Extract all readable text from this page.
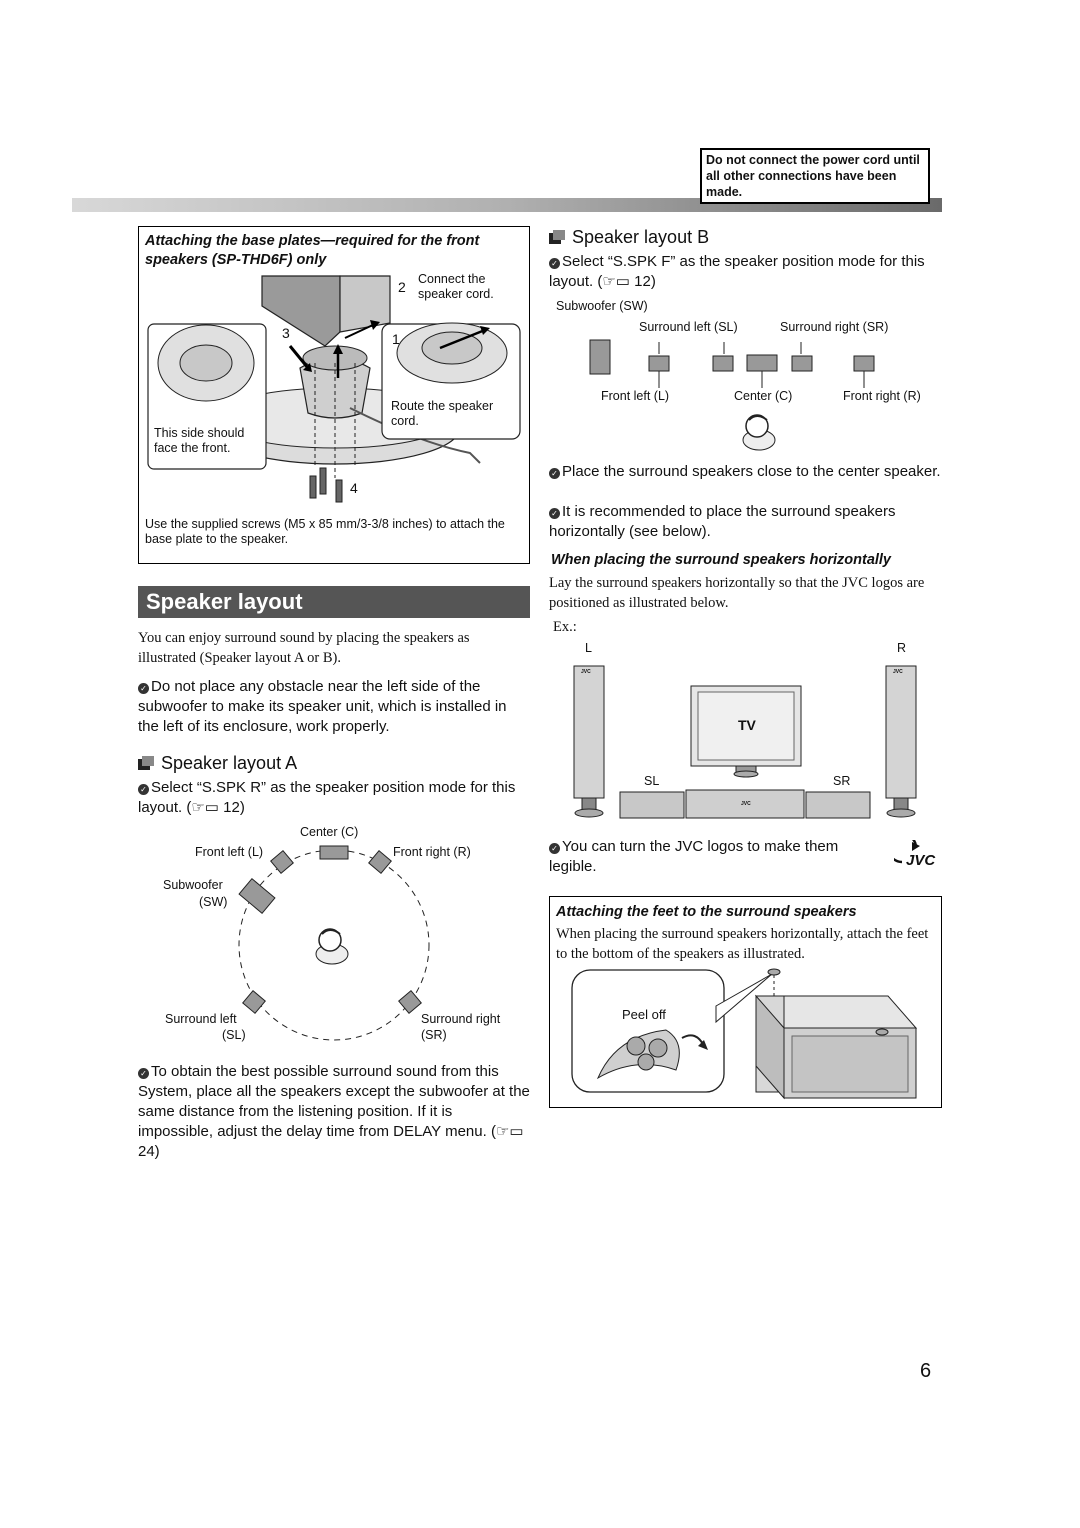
Do not connect the power cord until all other connections have been made.
Attaching the base plates—required for the front speakers (SP-THD6F) only
2 Connect the speaker cord.
3	1
4
Route the speaker cord.
This side should face the front.
Use the supplied screws (M5 x 85 mm/3-3/8 inches) to attach the base plate to the speaker.
Speaker layout
You can enjoy surround sound by placing the speakers as illustrated (Speaker layout A or B).
✓ Do not place any obstacle near the left side of the subwoofer to make its speaker unit, which is installed in the left of its enclosure, work properly.
Speaker layout A
✓ Select “S.SPK R” as the speaker position mode for this layout. (☞▭ 12)
Center (C)
Front left (L)	Front right (R)
Subwoofer
(SW)
Surround left
(SL)
Surround right
(SR)
✓ To obtain the best possible surround sound from this System, place all the speakers except the subwoofer at the same distance from the listening position. If it is impossible, adjust the delay time from DELAY menu. (☞▭ 24)
Speaker layout B
✓ Select “S.SPK F” as the speaker position mode for this layout. (☞▭ 12)
Subwoofer (SW)
Surround left (SL)	Surround right (SR)
Front left (L)	Center (C)	Front right (R)
✓ Place the surround speakers close to the center speaker.
✓ It is recommended to place the surround speakers horizontally (see below).
When placing the surround speakers horizontally
Lay the surround speakers horizontally so that the JVC logos are positioned as illustrated below.
Ex.:
L	R
TV
SL	SR
JVC	JVC
JVC
✓ You can turn the JVC logos to make them legible.	JVC
Attaching the feet to the surround speakers
When placing the surround speakers horizontally, attach the feet to the bottom of the speakers as illustrated.
Peel off
6
